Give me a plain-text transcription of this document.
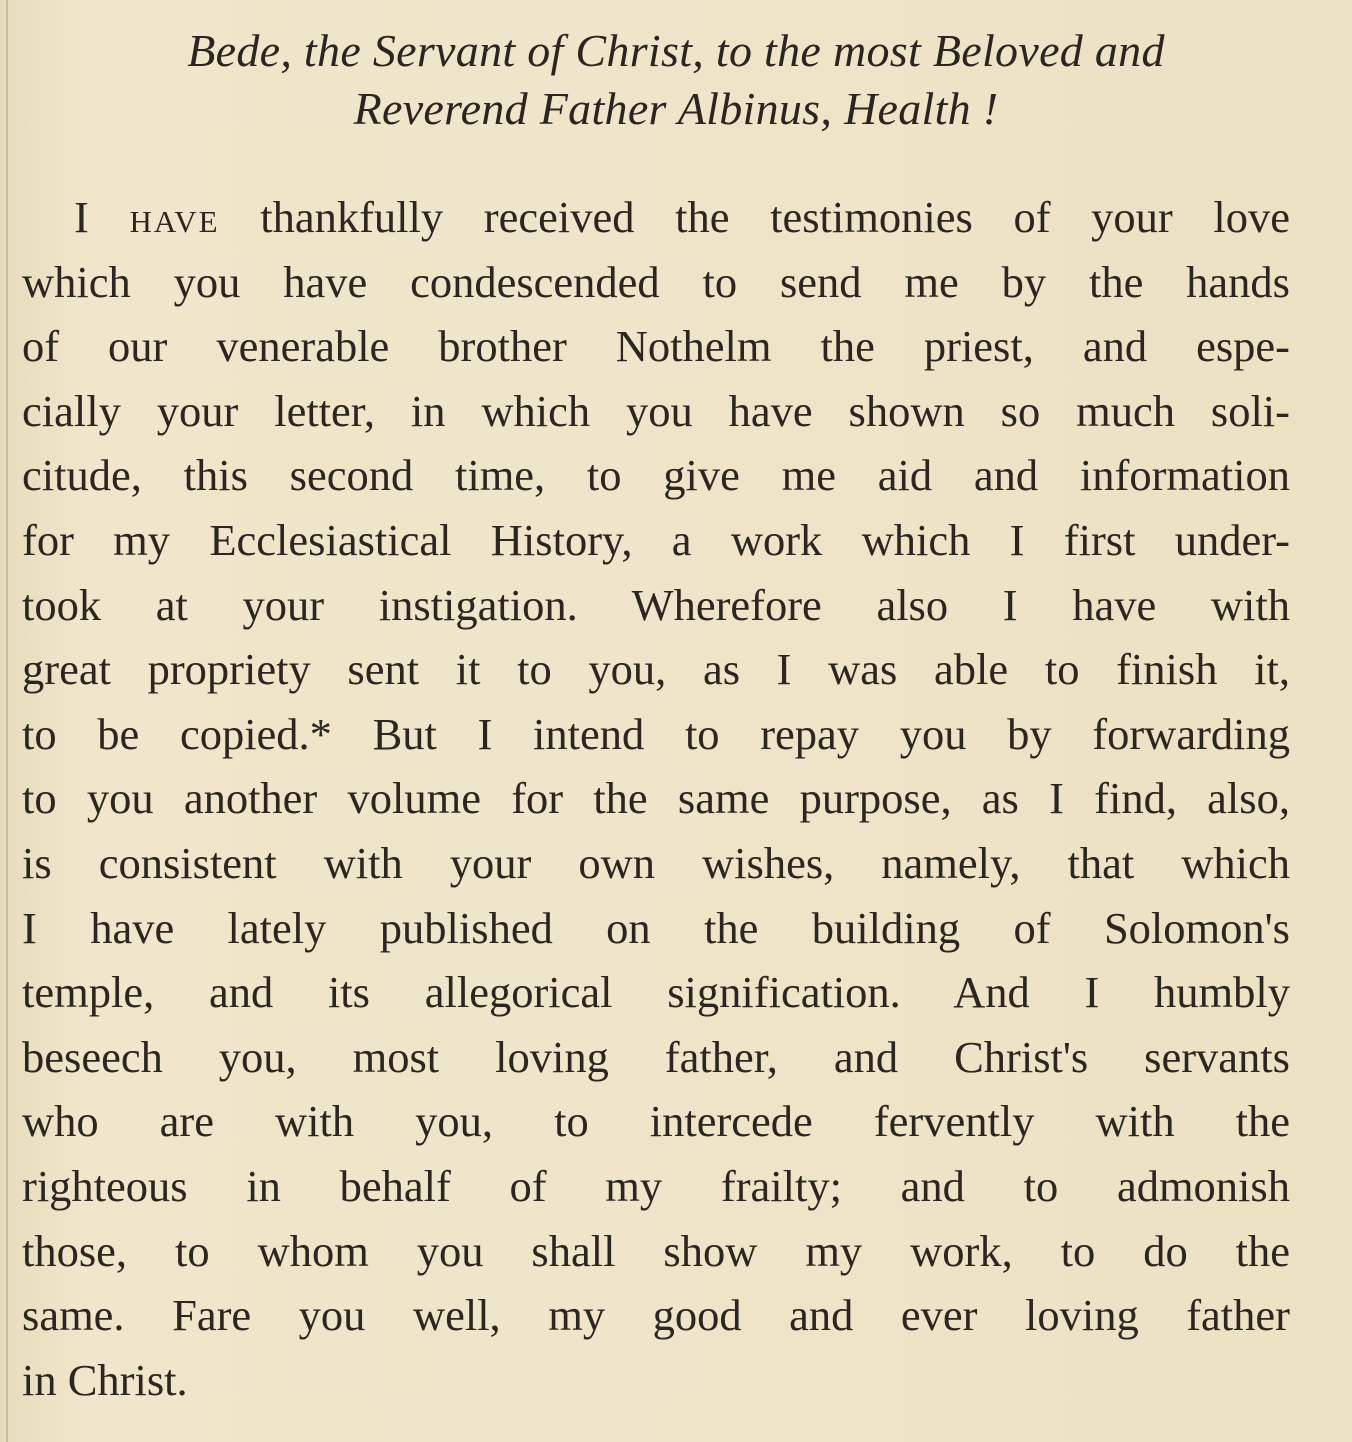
Bede, the Servant of Christ, to the most Beloved and
Reverend Father Albinus, Health !
I have thankfully received the testimonies of your love
which you have condescended to send me by the hands
of our venerable brother Nothelm the priest, and espe-
cially your letter, in which you have shown so much soli-
citude, this second time, to give me aid and information
for my Ecclesiastical History, a work which I first under-
took at your instigation. Wherefore also I have with
great propriety sent it to you, as I was able to finish it,
to be copied.* But I intend to repay you by forwarding
to you another volume for the same purpose, as I find, also,
is consistent with your own wishes, namely, that which
I have lately published on the building of Solomon's
temple, and its allegorical signification. And I humbly
beseech you, most loving father, and Christ's servants
who are with you, to intercede fervently with the
righteous in behalf of my frailty; and to admonish
those, to whom you shall show my work, to do the
same. Fare you well, my good and ever loving father
in Christ.
